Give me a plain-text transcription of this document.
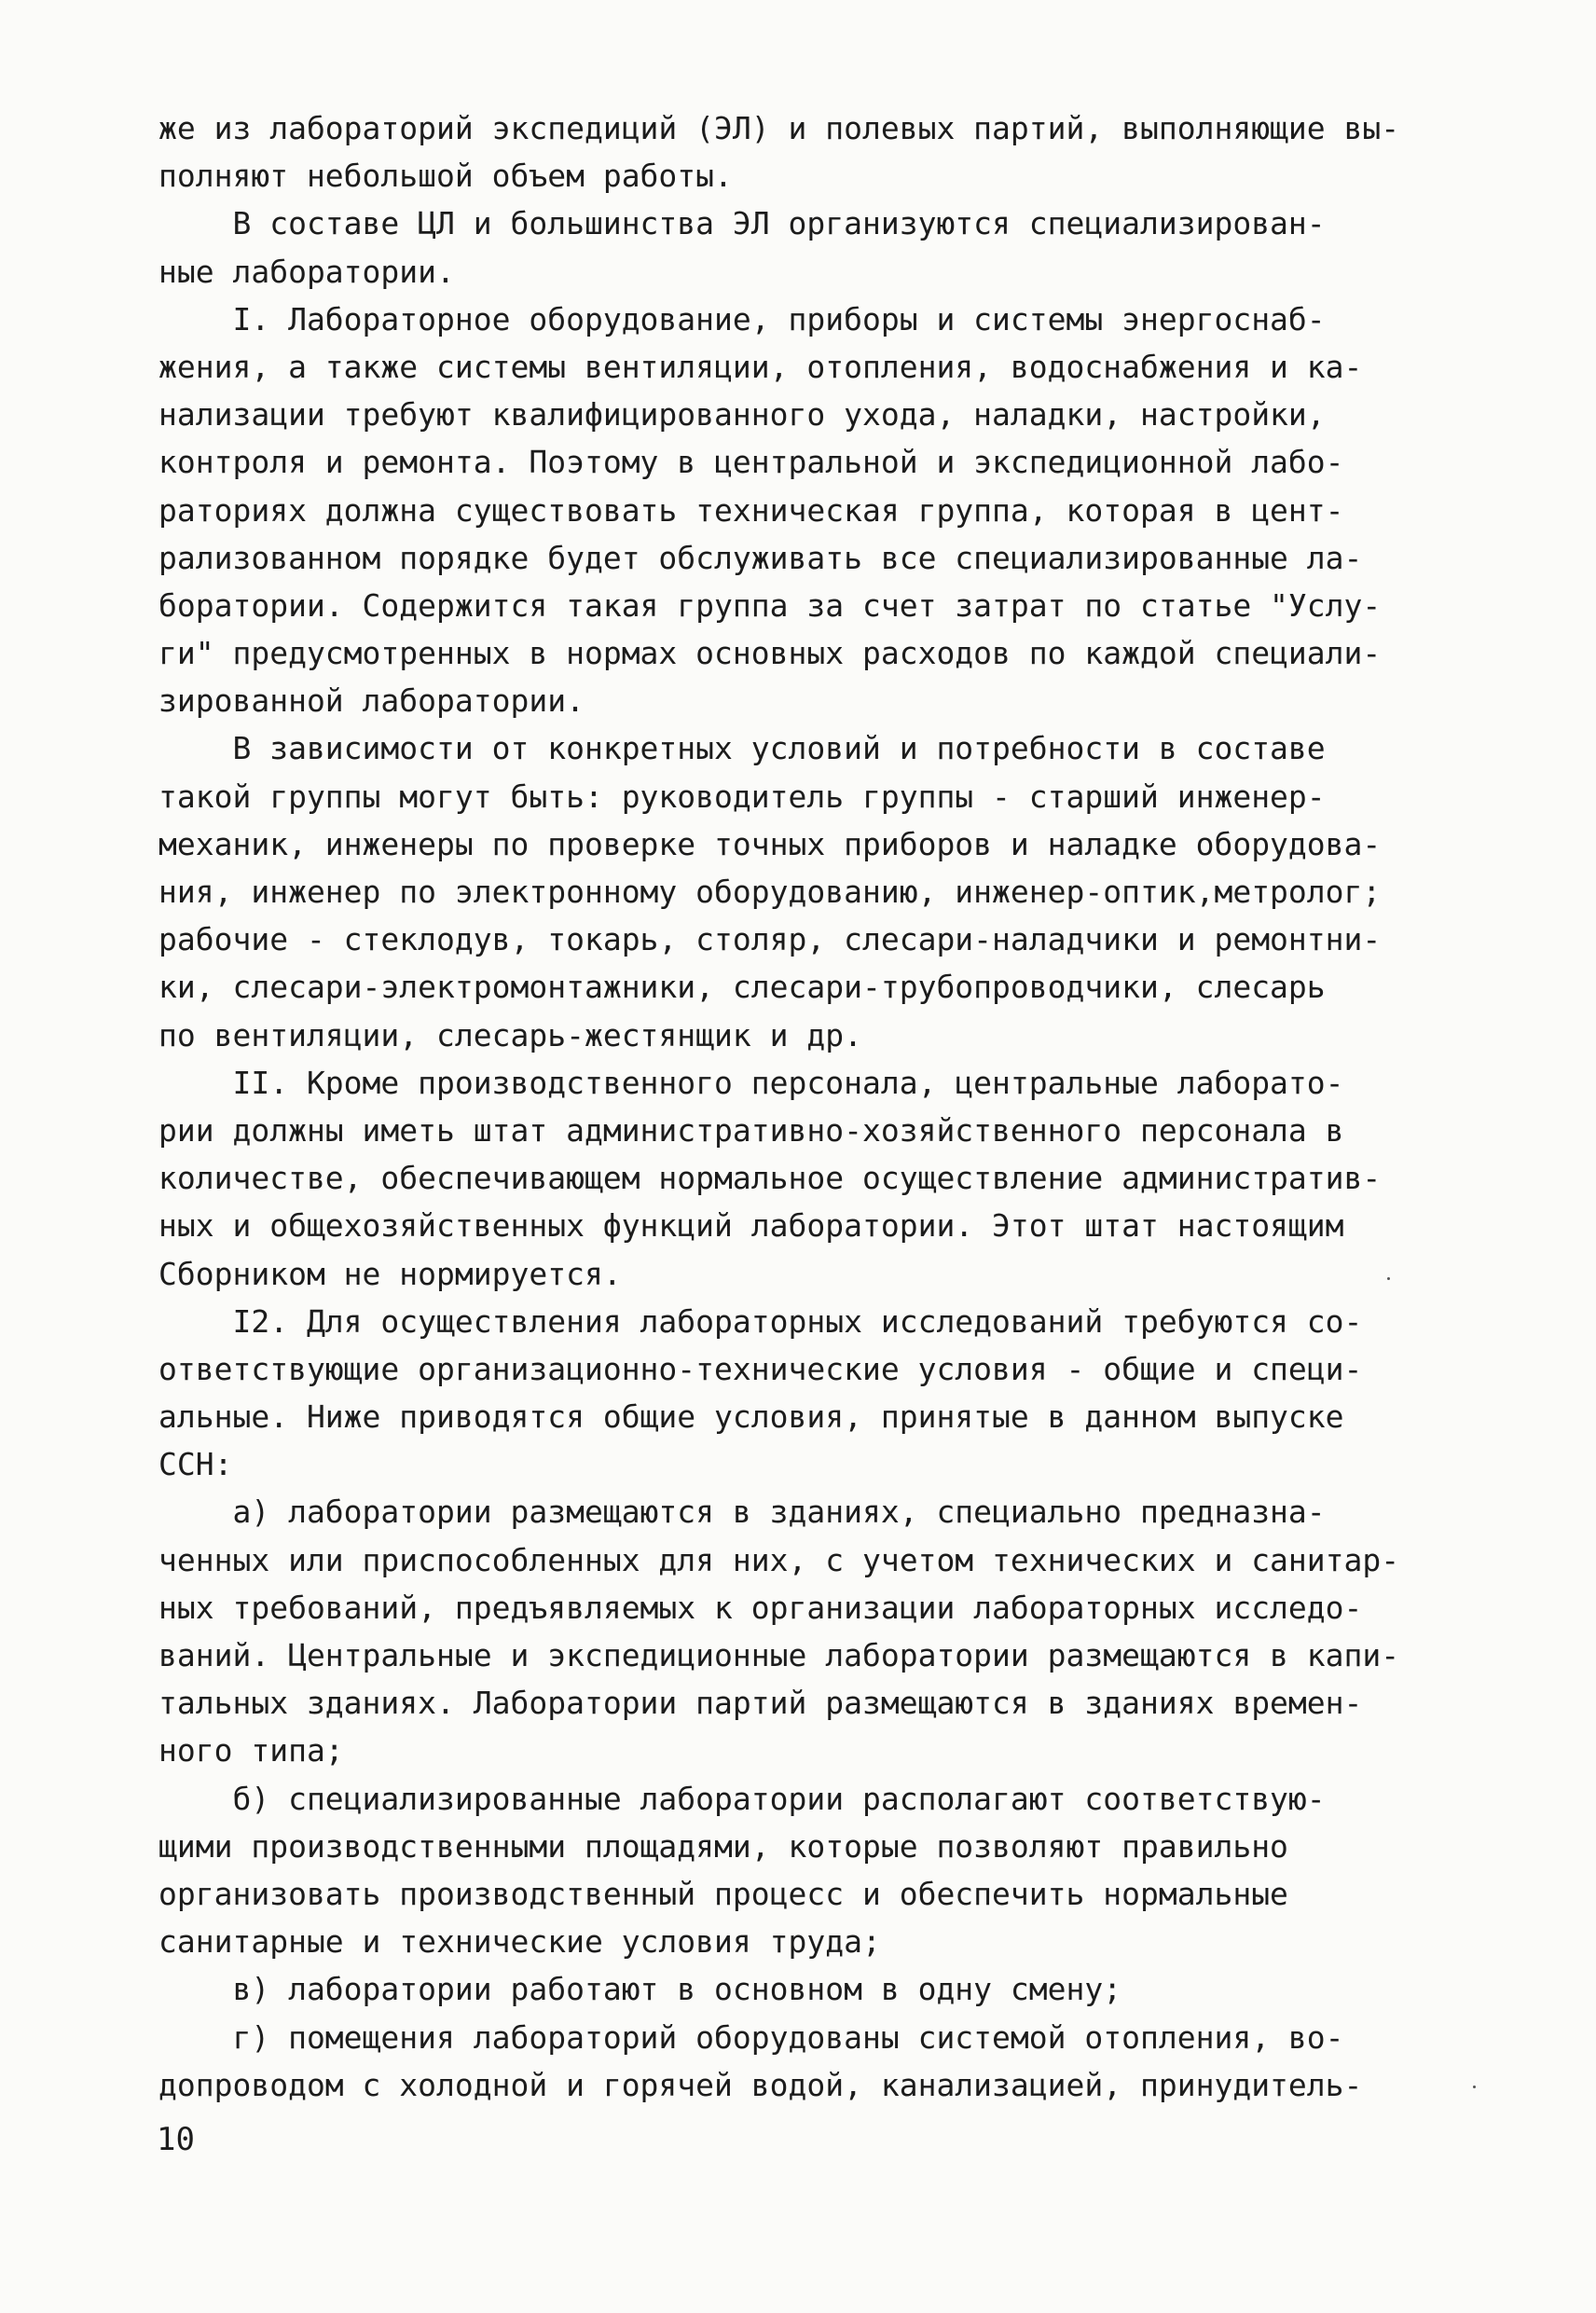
же из лабораторий экспедиций (ЭЛ) и полевых партий, выполняющие вы-
полняют небольшой объем работы.
В составе ЦЛ и большинства ЭЛ организуются специализирован-
ные лаборатории.
I. Лабораторное оборудование, приборы и системы энергоснаб-
жения, а также системы вентиляции, отопления, водоснабжения и ка-
нализации требуют квалифицированного ухода, наладки, настройки,
контроля и ремонта. Поэтому в центральной и экспедиционной лабо-
раториях должна существовать техническая группа, которая в цент-
рализованном порядке будет обслуживать все специализированные ла-
боратории. Содержится такая группа за счет затрат по статье "Услу-
ги" предусмотренных в нормах основных расходов по каждой специали-
зированной лаборатории.
В зависимости от конкретных условий и потребности в составе
такой группы могут быть: руководитель группы - старший инженер-
механик, инженеры по проверке точных приборов и наладке оборудова-
ния, инженер по электронному оборудованию, инженер-оптик,метролог;
рабочие - стеклодув, токарь, столяр, слесари-наладчики и ремонтни-
ки, слесари-электромонтажники, слесари-трубопроводчики, слесарь
по вентиляции, слесарь-жестянщик и др.
II. Кроме производственного персонала, центральные лаборато-
рии должны иметь штат административно-хозяйственного персонала в
количестве, обеспечивающем нормальное осуществление административ-
ных и общехозяйственных функций лаборатории. Этот штат настоящим
Сборником не нормируется.
I2. Для осуществления лабораторных исследований требуются со-
ответствующие организационно-технические условия - общие и специ-
альные. Ниже приводятся общие условия, принятые в данном выпуске
ССН:
а) лаборатории размещаются в зданиях, специально предназна-
ченных или приспособленных для них, с учетом технических и санитар-
ных требований, предъявляемых к организации лабораторных исследо-
ваний. Центральные и экспедиционные лаборатории размещаются в капи-
тальных зданиях. Лаборатории партий размещаются в зданиях времен-
ного типа;
б) специализированные лаборатории располагают соответствую-
щими производственными площадями, которые позволяют правильно
организовать производственный процесс и обеспечить нормальные
санитарные и технические условия труда;
в) лаборатории работают в основном в одну смену;
г) помещения лабораторий оборудованы системой отопления, во-
допроводом с холодной и горячей водой, канализацией, принудитель-
10
